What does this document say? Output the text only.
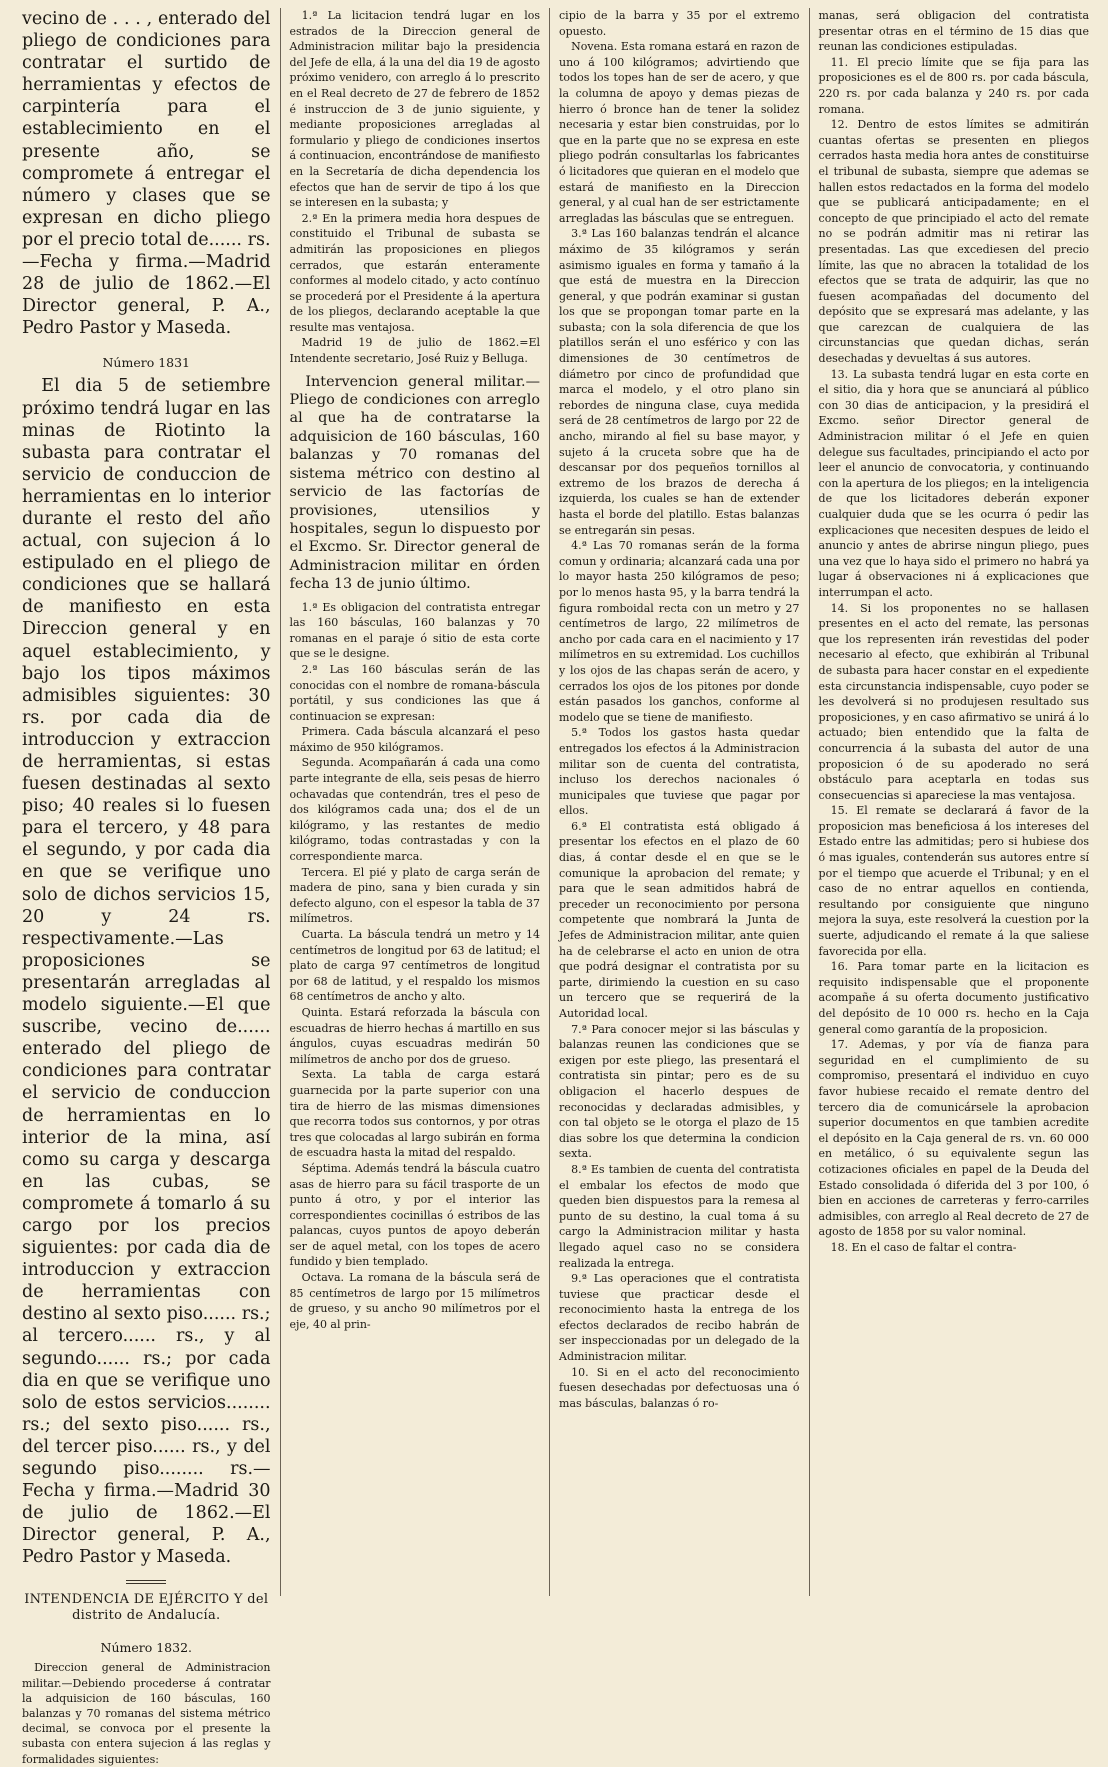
vecino de . . . , enterado del pliego de condiciones para contratar el surtido de herramientas y efectos de carpintería para el establecimiento en el presente año, se compromete á entregar el número y clases que se expresan en dicho pliego por el precio total de...... rs.—Fecha y firma.—Madrid 28 de julio de 1862.—El Director general, P. A., Pedro Pastor y Maseda.

Número 1831

El dia 5 de setiembre próximo tendrá lugar en las minas de Riotinto la subasta para contratar el servicio de conduccion de herramientas en lo interior durante el resto del año actual, con sujecion á lo estipulado en el pliego de condiciones que se hallará de manifiesto en esta Direccion general y en aquel establecimiento, y bajo los tipos máximos admisibles siguientes: 30 rs. por cada dia de introduccion y extraccion de herramientas, si estas fuesen destinadas al sexto piso; 40 reales si lo fuesen para el tercero, y 48 para el segundo, y por cada dia en que se verifique uno solo de dichos servicios 15, 20 y 24 rs. respectivamente.—Las proposiciones se presentarán arregladas al modelo siguiente.—El que suscribe, vecino de...... enterado del pliego de condiciones para contratar el servicio de conduccion de herramientas en lo interior de la mina, así como su carga y descarga en las cubas, se compromete á tomarlo á su cargo por los precios siguientes: por cada dia de introduccion y extraccion de herramientas con destino al sexto piso...... rs.; al tercero...... rs., y al segundo...... rs.; por cada dia en que se verifique uno solo de estos servicios........ rs.; del sexto piso...... rs., del tercer piso...... rs., y del segundo piso........ rs.—Fecha y firma.—Madrid 30 de julio de 1862.—El Director general, P. A., Pedro Pastor y Maseda.

INTENDENCIA DE EJÉRCITO Y del distrito de Andalucía.
Número 1832.

Direccion general de Administracion militar.—Debiendo procederse á contratar la adquisicion de 160 básculas, 160 balanzas y 70 romanas del sistema métrico decimal, se convoca por el presente la subasta con entera sujecion á las reglas y formalidades siguientes:

1.ª La licitacion tendrá lugar en los estrados de la Direccion general de Administracion militar bajo la presidencia del Jefe de ella, á la una del dia 19 de agosto próximo venidero, con arreglo á lo prescrito en el Real decreto de 27 de febrero de 1852 é instruccion de 3 de junio siguiente, y mediante proposiciones arregladas al formulario y pliego de condiciones insertos á continuacion, encontrándose de manifiesto en la Secretaría de dicha dependencia los efectos que han de servir de tipo á los que se interesen en la subasta; y

2.ª En la primera media hora despues de constituido el Tribunal de subasta se admitirán las proposiciones en pliegos cerrados, que estarán enteramente conformes al modelo citado, y acto contínuo se procederá por el Presidente á la apertura de los pliegos, declarando aceptable la que resulte mas ventajosa.

Madrid 19 de julio de 1862.=El Intendente secretario, José Ruiz y Belluga.

Intervencion general militar.—Pliego de condiciones con arreglo al que ha de contratarse la adquisicion de 160 básculas, 160 balanzas y 70 romanas del sistema métrico con destino al servicio de las factorías de provisiones, utensilios y hospitales, segun lo dispuesto por el Excmo. Sr. Director general de Administracion militar en órden fecha 13 de junio último.

1.ª Es obligacion del contratista entregar las 160 básculas, 160 balanzas y 70 romanas en el paraje ó sitio de esta corte que se le designe.

2.ª Las 160 básculas serán de las conocidas con el nombre de romana-báscula portátil, y sus condiciones las que á continuacion se expresan:

Primera. Cada báscula alcanzará el peso máximo de 950 kilógramos.

Segunda. Acompañarán á cada una como parte integrante de ella, seis pesas de hierro ochavadas que contendrán, tres el peso de dos kilógramos cada una; dos el de un kilógramo, y las restantes de medio kilógramo, todas contrastadas y con la correspondiente marca.

Tercera. El pié y plato de carga serán de madera de pino, sana y bien curada y sin defecto alguno, con el espesor la tabla de 37 milímetros.

Cuarta. La báscula tendrá un metro y 14 centímetros de longitud por 63 de latitud; el plato de carga 97 centímetros de longitud por 68 de latitud, y el respaldo los mismos 68 centímetros de ancho y alto.

Quinta. Estará reforzada la báscula con escuadras de hierro hechas á martillo en sus ángulos, cuyas escuadras medirán 50 milímetros de ancho por dos de grueso.

Sexta. La tabla de carga estará guarnecida por la parte superior con una tira de hierro de las mismas dimensiones que recorra todos sus contornos, y por otras tres que colocadas al largo subirán en forma de escuadra hasta la mitad del respaldo.

Séptima. Además tendrá la báscula cuatro asas de hierro para su fácil trasporte de un punto á otro, y por el interior las correspondientes cocinillas ó estribos de las palancas, cuyos puntos de apoyo deberán ser de aquel metal, con los topes de acero fundido y bien templado.

Octava. La romana de la báscula será de 85 centímetros de largo por 15 milímetros de grueso, y su ancho 90 milímetros por el eje, 40 al prin-

cipio de la barra y 35 por el extremo opuesto.

Novena. Esta romana estará en razon de uno á 100 kilógramos; advirtiendo que todos los topes han de ser de acero, y que la columna de apoyo y demas piezas de hierro ó bronce han de tener la solidez necesaria y estar bien construidas, por lo que en la parte que no se expresa en este pliego podrán consultarlas los fabricantes ó licitadores que quieran en el modelo que estará de manifiesto en la Direccion general, y al cual han de ser estrictamente arregladas las básculas que se entreguen.

3.ª Las 160 balanzas tendrán el alcance máximo de 35 kilógramos y serán asimismo iguales en forma y tamaño á la que está de muestra en la Direccion general, y que podrán examinar si gustan los que se propongan tomar parte en la subasta; con la sola diferencia de que los platillos serán el uno esférico y con las dimensiones de 30 centímetros de diámetro por cinco de profundidad que marca el modelo, y el otro plano sin rebordes de ninguna clase, cuya medida será de 28 centímetros de largo por 22 de ancho, mirando al fiel su base mayor, y sujeto á la cruceta sobre que ha de descansar por dos pequeños tornillos al extremo de los brazos de derecha á izquierda, los cuales se han de extender hasta el borde del platillo. Estas balanzas se entregarán sin pesas.

4.ª Las 70 romanas serán de la forma comun y ordinaria; alcanzará cada una por lo mayor hasta 250 kilógramos de peso; por lo menos hasta 95, y la barra tendrá la figura romboidal recta con un metro y 27 centímetros de largo, 22 milímetros de ancho por cada cara en el nacimiento y 17 milímetros en su extremidad. Los cuchillos y los ojos de las chapas serán de acero, y cerrados los ojos de los pitones por donde están pasados los ganchos, conforme al modelo que se tiene de manifiesto.

5.ª Todos los gastos hasta quedar entregados los efectos á la Administracion militar son de cuenta del contratista, incluso los derechos nacionales ó municipales que tuviese que pagar por ellos.

6.ª El contratista está obligado á presentar los efectos en el plazo de 60 dias, á contar desde el en que se le comunique la aprobacion del remate; y para que le sean admitidos habrá de preceder un reconocimiento por persona competente que nombrará la Junta de Jefes de Administracion militar, ante quien ha de celebrarse el acto en union de otra que podrá designar el contratista por su parte, dirimiendo la cuestion en su caso un tercero que se requerirá de la Autoridad local.

7.ª Para conocer mejor si las básculas y balanzas reunen las condiciones que se exigen por este pliego, las presentará el contratista sin pintar; pero es de su obligacion el hacerlo despues de reconocidas y declaradas admisibles, y con tal objeto se le otorga el plazo de 15 dias sobre los que determina la condicion sexta.

8.ª Es tambien de cuenta del contratista el embalar los efectos de modo que queden bien dispuestos para la remesa al punto de su destino, la cual toma á su cargo la Administracion militar y hasta llegado aquel caso no se considera realizada la entrega.

9.ª Las operaciones que el contratista tuviese que practicar desde el reconocimiento hasta la entrega de los efectos declarados de recibo habrán de ser inspeccionadas por un delegado de la Administracion militar.

10. Si en el acto del reconocimiento fuesen desechadas por defectuosas una ó mas básculas, balanzas ó ro-

manas, será obligacion del contratista presentar otras en el término de 15 dias que reunan las condiciones estipuladas.

11. El precio límite que se fija para las proposiciones es el de 800 rs. por cada báscula, 220 rs. por cada balanza y 240 rs. por cada romana.

12. Dentro de estos límites se admitirán cuantas ofertas se presenten en pliegos cerrados hasta media hora antes de constituirse el tribunal de subasta, siempre que ademas se hallen estos redactados en la forma del modelo que se publicará anticipadamente; en el concepto de que principiado el acto del remate no se podrán admitir mas ni retirar las presentadas. Las que excediesen del precio límite, las que no abracen la totalidad de los efectos que se trata de adquirir, las que no fuesen acompañadas del documento del depósito que se expresará mas adelante, y las que carezcan de cualquiera de las circunstancias que quedan dichas, serán desechadas y devueltas á sus autores.

13. La subasta tendrá lugar en esta corte en el sitio, dia y hora que se anunciará al público con 30 dias de anticipacion, y la presidirá el Excmo. señor Director general de Administracion militar ó el Jefe en quien delegue sus facultades, principiando el acto por leer el anuncio de convocatoria, y continuando con la apertura de los pliegos; en la inteligencia de que los licitadores deberán exponer cualquier duda que se les ocurra ó pedir las explicaciones que necesiten despues de leido el anuncio y antes de abrirse ningun pliego, pues una vez que lo haya sido el primero no habrá ya lugar á observaciones ni á explicaciones que interrumpan el acto.

14. Si los proponentes no se hallasen presentes en el acto del remate, las personas que los representen irán revestidas del poder necesario al efecto, que exhibirán al Tribunal de subasta para hacer constar en el expediente esta circunstancia indispensable, cuyo poder se les devolverá si no produjesen resultado sus proposiciones, y en caso afirmativo se unirá á lo actuado; bien entendido que la falta de concurrencia á la subasta del autor de una proposicion ó de su apoderado no será obstáculo para aceptarla en todas sus consecuencias si apareciese la mas ventajosa.

15. El remate se declarará á favor de la proposicion mas beneficiosa á los intereses del Estado entre las admitidas; pero si hubiese dos ó mas iguales, contenderán sus autores entre sí por el tiempo que acuerde el Tribunal; y en el caso de no entrar aquellos en contienda, resultando por consiguiente que ninguno mejora la suya, este resolverá la cuestion por la suerte, adjudicando el remate á la que saliese favorecida por ella.

16. Para tomar parte en la licitacion es requisito indispensable que el proponente acompañe á su oferta documento justificativo del depósito de 10 000 rs. hecho en la Caja general como garantía de la proposicion.

17. Ademas, y por vía de fianza para seguridad en el cumplimiento de su compromiso, presentará el individuo en cuyo favor hubiese recaido el remate dentro del tercero dia de comunicársele la aprobacion superior documentos en que tambien acredite el depósito en la Caja general de rs. vn. 60 000 en metálico, ó su equivalente segun las cotizaciones oficiales en papel de la Deuda del Estado consolidada ó diferida del 3 por 100, ó bien en acciones de carreteras y ferro-carriles admisibles, con arreglo al Real decreto de 27 de agosto de 1858 por su valor nominal.

18. En el caso de faltar el contra-
